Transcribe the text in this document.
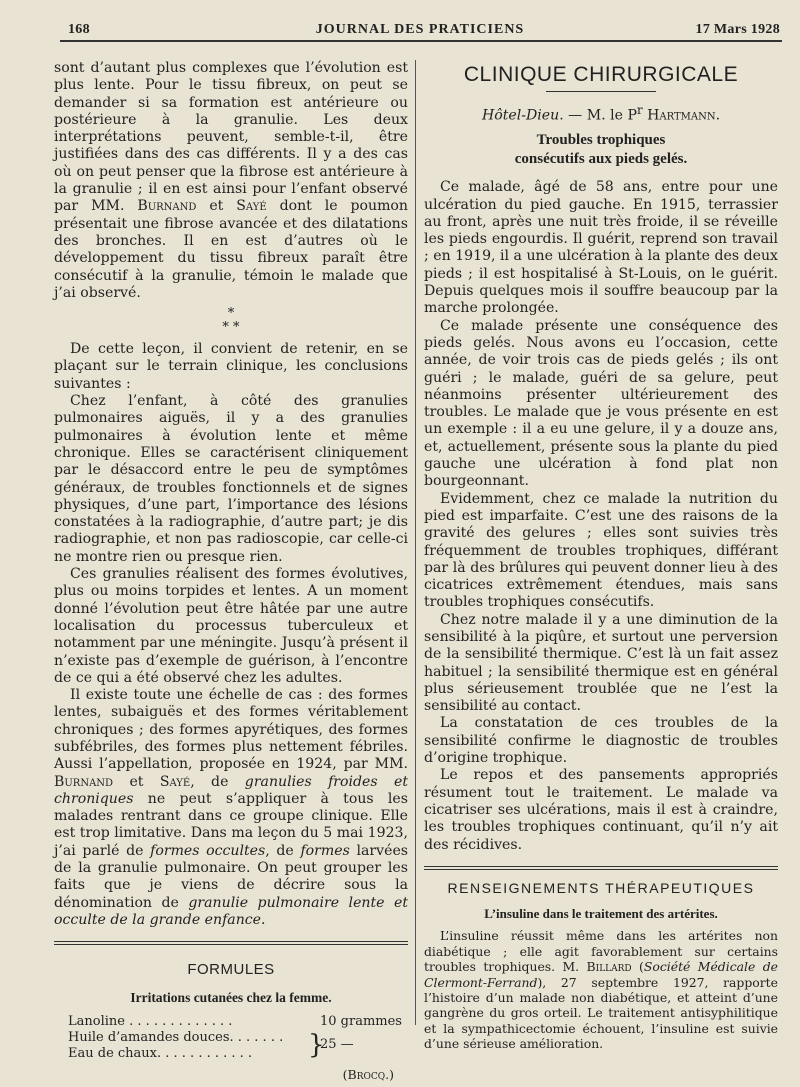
168	JOURNAL DES PRATICIENS	17 Mars 1928

sont d’autant plus complexes que l’évolution est plus lente. Pour le tissu fibreux, on peut se demander si sa formation est antérieure ou postérieure à la granulie. Les deux interprétations peuvent, semble-t-il, être justifiées dans des cas différents. Il y a des cas où on peut penser que la fibrose est antérieure à la granulie ; il en est ainsi pour l’enfant observé par MM. Burnand et Sayé dont le poumon présentait une fibrose avancée et des dilatations des bronches. Il en est d’autres où le développement du tissu fibreux paraît être consécutif à la granulie, témoin le malade que j’ai observé.

*
* *

De cette leçon, il convient de retenir, en se plaçant sur le terrain clinique, les conclusions suivantes :

Chez l’enfant, à côté des granulies pulmonaires aiguës, il y a des granulies pulmonaires à évolution lente et même chronique. Elles se caractérisent cliniquement par le désaccord entre le peu de symptômes généraux, de troubles fonctionnels et de signes physiques, d’une part, l’importance des lésions constatées à la radiographie, d’autre part; je dis radiographie, et non pas radioscopie, car celle-ci ne montre rien ou presque rien.

Ces granulies réalisent des formes évolutives, plus ou moins torpides et lentes. A un moment donné l’évolution peut être hâtée par une autre localisation du processus tuberculeux et notamment par une méningite. Jusqu’à présent il n’existe pas d’exemple de guérison, à l’encontre de ce qui a été observé chez les adultes.

Il existe toute une échelle de cas : des formes lentes, subaiguës et des formes véritablement chroniques ; des formes apyrétiques, des formes subfébriles, des formes plus nettement fébriles. Aussi l’appellation, proposée en 1924, par MM. Burnand et Sayé, de granulies froides et chroniques ne peut s’appliquer à tous les malades rentrant dans ce groupe clinique. Elle est trop limitative. Dans ma leçon du 5 mai 1923, j’ai parlé de formes occultes, de formes larvées de la granulie pulmonaire. On peut grouper les faits que je viens de décrire sous la dénomination de granulie pulmonaire lente et occulte de la grande enfance.

FORMULES
Irritations cutanées chez la femme.
Lanoline . . . . . . . . . . . . .	10 grammes
Huile d’amandes douces. . . . . . .
Eau de chaux. . . . . . . . . . . . }
25 —
(Brocq.)
CLINIQUE CHIRURGICALE
Hôtel-Dieu. — M. le $P^r$ Hartmann.
Troubles trophiques
consécutifs aux pieds gelés.

Ce malade, âgé de 58 ans, entre pour une ulcération du pied gauche. En 1915, terrassier au front, après une nuit très froide, il se réveille les pieds engourdis. Il guérit, reprend son travail ; en 1919, il a une ulcération à la plante des deux pieds ; il est hospitalisé à St-Louis, on le guérit. Depuis quelques mois il souffre beaucoup par la marche prolongée.

Ce malade présente une conséquence des pieds gelés. Nous avons eu l’occasion, cette année, de voir trois cas de pieds gelés ; ils ont guéri ; le malade, guéri de sa gelure, peut néanmoins présenter ultérieurement des troubles. Le malade que je vous présente en est un exemple : il a eu une gelure, il y a douze ans, et, actuellement, présente sous la plante du pied gauche une ulcération à fond plat non bourgeonnant.

Evidemment, chez ce malade la nutrition du pied est imparfaite. C’est une des raisons de la gravité des gelures ; elles sont suivies très fréquemment de troubles trophiques, différant par là des brûlures qui peuvent donner lieu à des cicatrices extrêmement étendues, mais sans troubles trophiques consécutifs.

Chez notre malade il y a une diminution de la sensibilité à la piqûre, et surtout une perversion de la sensibilité thermique. C’est là un fait assez habituel ; la sensibilité thermique est en général plus sérieusement troublée que ne l’est la sensibilité au contact.

La constatation de ces troubles de la sensibilité confirme le diagnostic de troubles d’origine trophique.

Le repos et des pansements appropriés résument tout le traitement. Le malade va cicatriser ses ulcérations, mais il est à craindre, les troubles trophiques continuant, qu’il n’y ait des récidives.

RENSEIGNEMENTS THÉRAPEUTIQUES
L’insuline dans le traitement des artérites.

L’insuline réussit même dans les artérites non diabétique ; elle agit favorablement sur certains troubles trophiques. M. Billard (Société Médicale de Clermont-Ferrand), 27 septembre 1927, rapporte l’histoire d’un malade non diabétique, et atteint d’une gangrène du gros orteil. Le traitement antisyphilitique et la sympathicectomie échouent, l’insuline est suivie d’une sérieuse amélioration.
